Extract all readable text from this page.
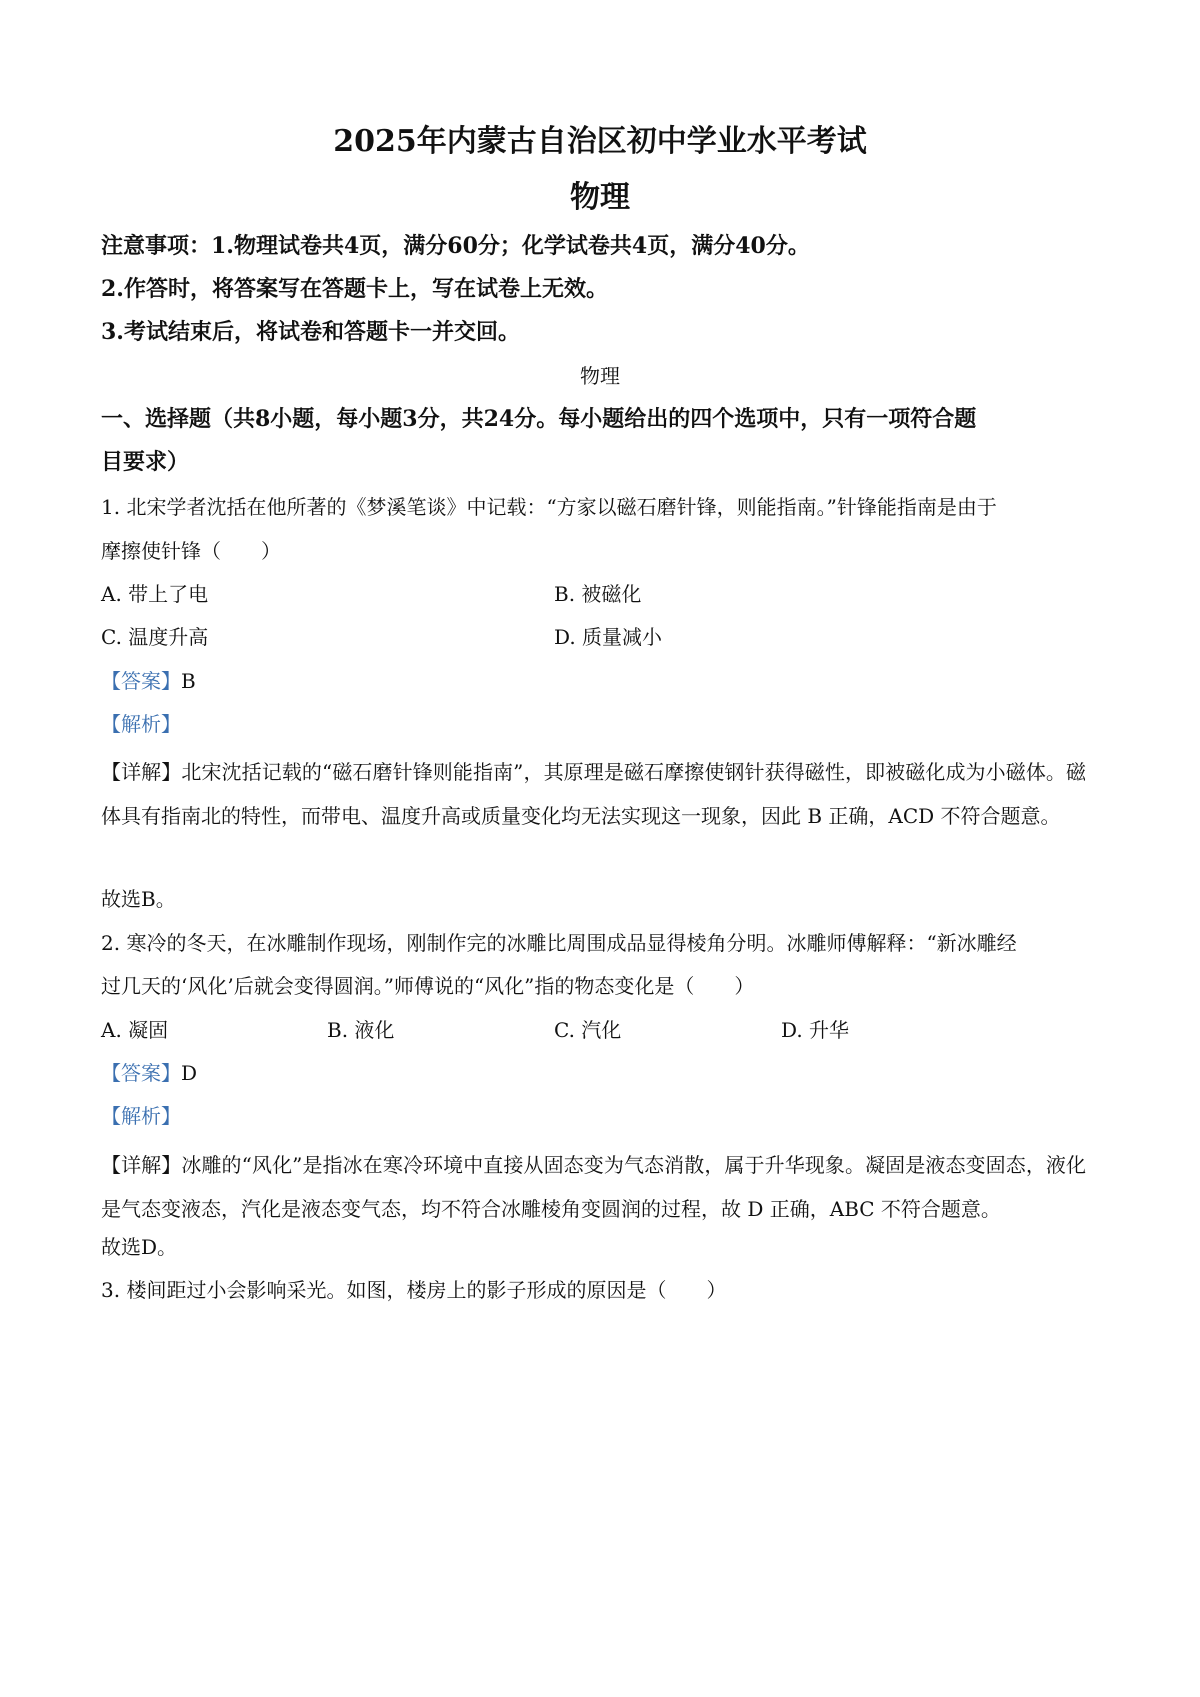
2025年内蒙古自治区初中学业水平考试
物理
注意事项：1.物理试卷共4页，满分60分；化学试卷共4页，满分40分。
2.作答时，将答案写在答题卡上，写在试卷上无效。
3.考试结束后，将试卷和答题卡一并交回。
物理
一、选择题（共8小题，每小题3分，共24分。每小题给出的四个选项中，只有一项符合题
目要求）
1. 北宋学者沈括在他所著的《梦溪笔谈》中记载：“方家以磁石磨针锋，则能指南。”针锋能指南是由于
摩擦使针锋（　　）
A. 带上了电	B. 被磁化
C. 温度升高	D. 质量减小
【答案】B
【解析】
【详解】北宋沈括记载的“磁石磨针锋则能指南”，其原理是磁石摩擦使钢针获得磁性，即被磁化成为小磁体。磁体具有指南北的特性，而带电、温度升高或质量变化均无法实现这一现象，因此 B 正确，ACD 不符合题意。
故选B。
2. 寒冷的冬天，在冰雕制作现场，刚制作完的冰雕比周围成品显得棱角分明。冰雕师傅解释：“新冰雕经
过几天的‘风化’后就会变得圆润。”师傅说的“风化”指的物态变化是（　　）
A. 凝固	B. 液化	C. 汽化	D. 升华
【答案】D
【解析】
【详解】冰雕的“风化”是指冰在寒冷环境中直接从固态变为气态消散，属于升华现象。凝固是液态变固态，液化是气态变液态，汽化是液态变气态，均不符合冰雕棱角变圆润的过程，故 D 正确，ABC 不符合题意。
故选D。
3. 楼间距过小会影响采光。如图，楼房上的影子形成的原因是（　　）
